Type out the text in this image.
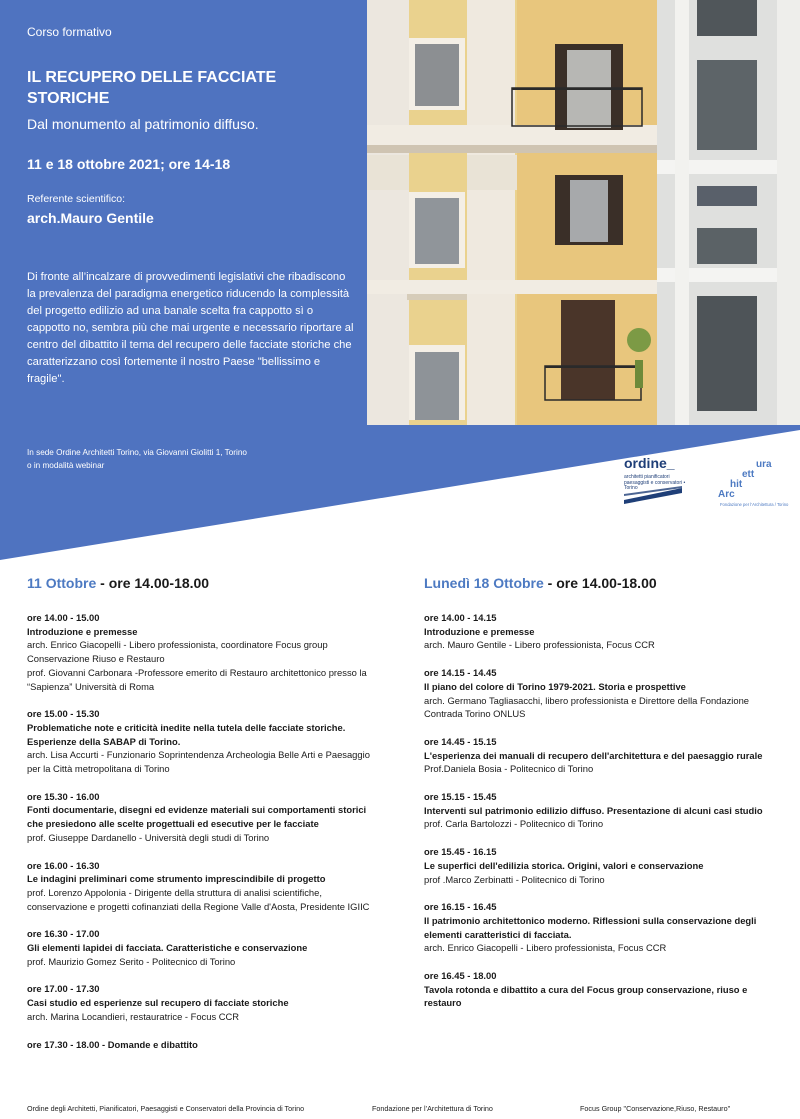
Corso formativo
IL RECUPERO DELLE FACCIATE STORICHE
Dal monumento al patrimonio diffuso.
11 e 18 ottobre 2021; ore 14-18
Referente scientifico:
arch.Mauro Gentile
Di fronte all’incalzare di provvedimenti legislativi che ribadiscono la prevalenza del paradigma energetico riducendo la complessità del progetto edilizio ad una banale scelta fra cappotto sì o cappotto no, sembra più che mai urgente e necessario riportare al centro del dibattito il tema del recupero delle facciate storiche che caratterizzano così fortemente il nostro Paese "bellissimo e fragile".
In sede Ordine Architetti Torino, via Giovanni Giolitti 1, Torino
o in modalità webinar	ordine_
architetti pianificatori paesaggisti e conservatori • Torino
ura
ett
hit
Arc
Fondazione per l’Architettura / Torino
11 Ottobre - ore 14.00-18.00
ore 14.00 - 15.00
Introduzione e premesse
arch. Enrico Giacopelli - Libero professionista, coordinatore Focus group Conservazione Riuso e Restauro
prof. Giovanni Carbonara -Professore emerito di Restauro architettonico presso la “Sapienza” Università di Roma
ore 15.00 - 15.30
Problematiche note e criticità inedite nella tutela delle facciate storiche. Esperienze della SABAP di Torino.
arch. Lisa Accurti - Funzionario Soprintendenza Archeologia Belle Arti e Paesaggio per la Città metropolitana di Torino
ore 15.30 - 16.00
Fonti documentarie, disegni ed evidenze materiali sui comportamenti storici che presiedono alle scelte progettuali ed esecutive per le facciate
prof. Giuseppe Dardanello - Università degli studi di Torino
ore 16.00 - 16.30
Le indagini preliminari come strumento imprescindibile di progetto
prof. Lorenzo Appolonia - Dirigente della struttura di analisi scientifiche, conservazione e progetti cofinanziati della Regione Valle d'Aosta, Presidente IGIIC
ore 16.30 - 17.00
Gli elementi lapidei di facciata. Caratteristiche e conservazione
prof. Maurizio Gomez Serito - Politecnico di Torino
ore 17.00 - 17.30
Casi studio ed esperienze sul recupero di facciate storiche
arch. Marina Locandieri, restauratrice - Focus CCR
ore 17.30 - 18.00 - Domande e dibattito
Lunedì 18 Ottobre - ore 14.00-18.00
ore 14.00 - 14.15
Introduzione e premesse
arch. Mauro Gentile - Libero professionista, Focus CCR
ore 14.15 - 14.45
Il piano del colore di Torino 1979-2021. Storia e prospettive
arch. Germano Tagliasacchi, libero professionista e Direttore della Fondazione Contrada Torino ONLUS
ore 14.45 - 15.15
L'esperienza dei manuali di recupero dell'architettura e del paesaggio rurale
Prof.Daniela Bosia - Politecnico di Torino
ore 15.15 - 15.45
Interventi sul patrimonio edilizio diffuso. Presentazione di alcuni casi studio
prof. Carla Bartolozzi - Politecnico di Torino
ore 15.45 - 16.15
Le superfici dell'edilizia storica. Origini, valori e conservazione
prof .Marco Zerbinatti - Politecnico di Torino
ore 16.15 - 16.45
Il patrimonio architettonico moderno. Riflessioni sulla conservazione degli elementi caratteristici di facciata.
arch. Enrico Giacopelli - Libero professionista, Focus CCR
ore 16.45 - 18.00
Tavola rotonda e dibattito a cura del Focus group conservazione, riuso e restauro
Ordine degli Architetti, Pianificatori, Paesaggisti e Conservatori della Provincia di Torino	Fondazione per l’Architettura di Torino	Focus Group "Conservazione,Riuso, Restauro"
